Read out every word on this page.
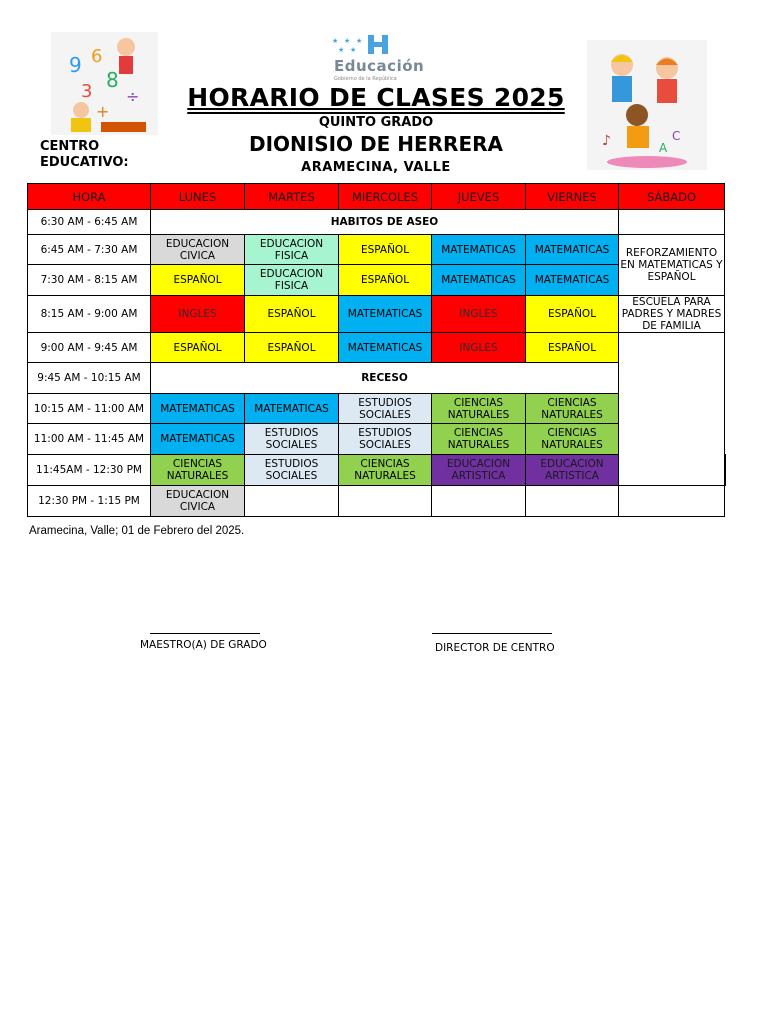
9 6
8
3 ÷
+
♪	C
A
★ ★ ★
★ ★
Educación
Gobierno de la República
HORARIO DE CLASES 2025
QUINTO GRADO
DIONISIO DE HERRERA
ARAMECINA, VALLE
CENTRO EDUCATIVO:
HORA	LUNES	MARTES	MIERCOLES	JUEVES	VIERNES	SÁBADO	
6:30 AM - 6:45 AM	HABITOS DE ASEO						
6:45 AM - 7:30 AM	EDUCACION CIVICA	EDUCACION FISICA	ESPAÑOL	MATEMATICAS	MATEMATICAS	REFORZAMIENTO EN MATEMATICAS Y ESPAÑOL	
7:30 AM - 8:15 AM	ESPAÑOL	EDUCACION FISICA	ESPAÑOL	MATEMATICAS	MATEMATICAS		
8:15 AM - 9:00 AM	INGLES	ESPAÑOL	MATEMATICAS	INGLES	ESPAÑOL	ESCUELA PARA PADRES Y MADRES DE FAMILIA	
9:00 AM - 9:45 AM	ESPAÑOL	ESPAÑOL	MATEMATICAS	INGLES	ESPAÑOL		
9:45 AM - 10:15 AM	RECESO						
10:15 AM - 11:00 AM	MATEMATICAS	MATEMATICAS	ESTUDIOS SOCIALES	CIENCIAS NATURALES	CIENCIAS NATURALES		
11:00 AM - 11:45 AM	MATEMATICAS	ESTUDIOS SOCIALES	ESTUDIOS SOCIALES	CIENCIAS NATURALES	CIENCIAS NATURALES		
11:45AM - 12:30 PM	CIENCIAS NATURALES	ESTUDIOS SOCIALES	CIENCIAS NATURALES	EDUCACION ARTISTICA	EDUCACION ARTISTICA		
12:30 PM - 1:15 PM	EDUCACION CIVICA						
Aramecina, Valle; 01 de Febrero del 2025.
MAESTRO(A) DE GRADO	DIRECTOR DE CENTRO
